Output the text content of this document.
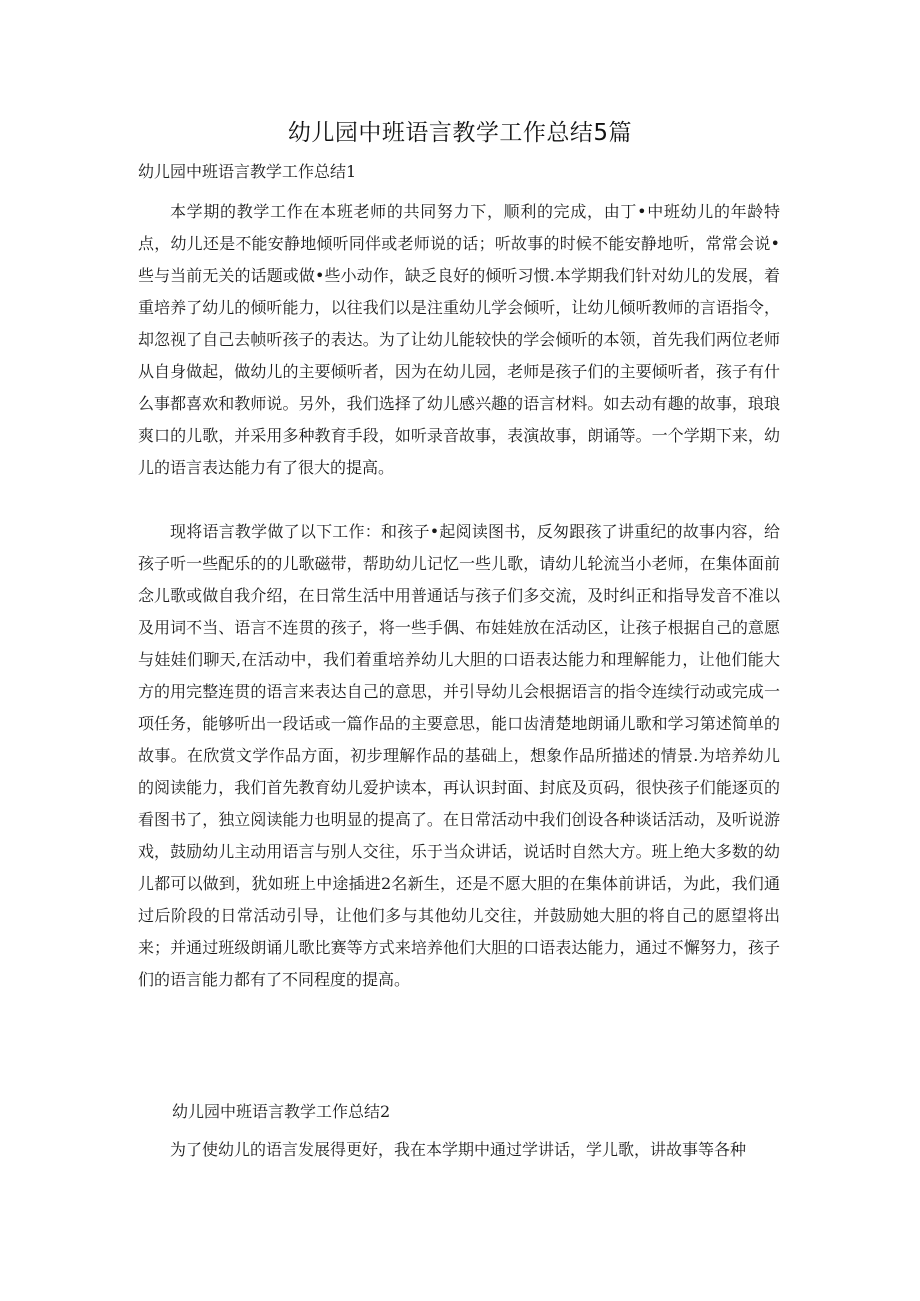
幼儿园中班语言教学工作总结5篇
幼儿园中班语言教学工作总结1

本学期的教学工作在本班老师的共同努力下，顺利的完成，由丁•中班幼儿的年龄特点，幼儿还是不能安静地倾听同伴或老师说的话；听故事的时候不能安静地听，常常会说•些与当前无关的话题或做•些小动作，缺乏良好的倾听习惯.本学期我们针对幼儿的发展，着重培养了幼儿的倾听能力，以往我们以是注重幼儿学会倾听，让幼儿倾听教师的言语指令，却忽视了自己去帧听孩子的表达。为了让幼儿能较快的学会倾听的本领，首先我们两位老师从自身做起，做幼儿的主要倾听者，因为在幼儿园，老师是孩子们的主要倾听者，孩子有什么事都喜欢和教师说。另外，我们选择了幼儿感兴趣的语言材料。如去动有趣的故事，琅琅爽口的儿歌，并采用多种教育手段，如听录音故事，表演故事，朗诵等。一个学期下来，幼儿的语言表达能力有了很大的提高。

现将语言教学做了以下工作：和孩子•起阅读图书，反匆跟孩了讲重纪的故事内容，给孩子听一些配乐的的儿歌磁带，帮助幼儿记忆一些儿歌，请幼儿轮流当小老师，在集体面前念儿歌或做自我介绍，在日常生活中用普通话与孩子们多交流，及时纠正和指导发音不准以及用词不当、语言不连贯的孩子，将一些手偶、布娃娃放在活动区，让孩子根据自己的意愿与娃娃们聊天,在活动中，我们着重培养幼儿大胆的口语表达能力和理解能力，让他们能大方的用完整连贯的语言来表达自己的意思，并引导幼儿会根据语言的指令连续行动或完成一项任务，能够听出一段话或一篇作品的主要意思，能口齿清楚地朗诵儿歌和学习第述简单的故事。在欣赏文学作品方面，初步理解作品的基础上，想象作品所描述的情景.为培养幼儿的阅读能力，我们首先教育幼儿爱护读本，再认识封面、封底及页码，很快孩子们能逐页的看图书了，独立阅读能力也明显的提高了。在日常活动中我们创设各种谈话活动，及听说游戏，鼓励幼儿主动用语言与别人交往，乐于当众讲话，说话时自然大方。班上绝大多数的幼儿都可以做到，犹如班上中途插进2名新生，还是不愿大胆的在集体前讲话，为此，我们通过后阶段的日常活动引导，让他们多与其他幼儿交往，并鼓励她大胆的将自己的愿望将出来；并通过班级朗诵儿歌比赛等方式来培养他们大胆的口语表达能力，通过不懈努力，孩子们的语言能力都有了不同程度的提高。

幼儿园中班语言教学工作总结2

为了使幼儿的语言发展得更好，我在本学期中通过学讲话，学儿歌，讲故事等各种
